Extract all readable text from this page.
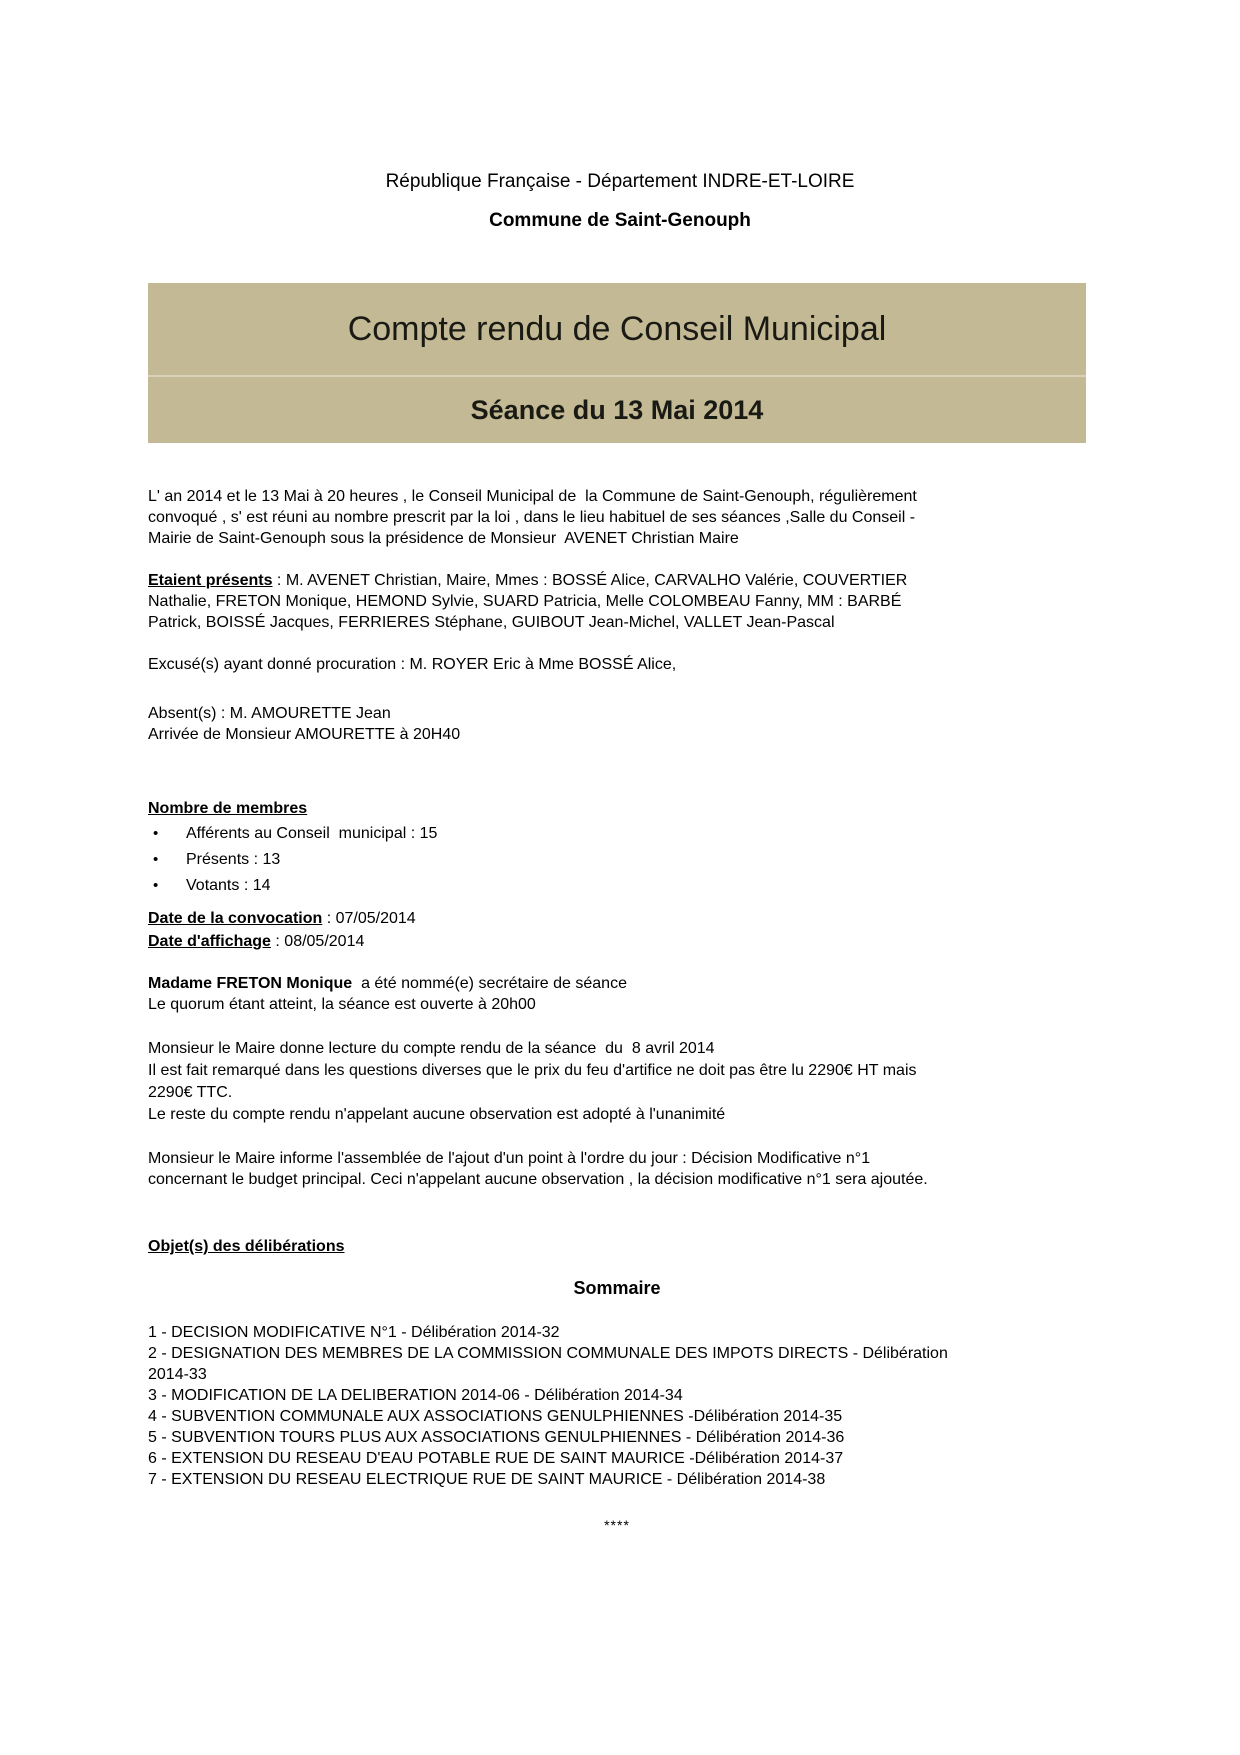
République Française - Département INDRE-ET-LOIRE
Commune de Saint-Genouph
Compte rendu de Conseil Municipal
Séance du 13 Mai 2014
L' an 2014 et le 13 Mai à 20 heures , le Conseil Municipal de  la Commune de Saint-Genouph, régulièrement
convoqué , s' est réuni au nombre prescrit par la loi , dans le lieu habituel de ses séances ,Salle du Conseil -
Mairie de Saint-Genouph sous la présidence de Monsieur  AVENET Christian Maire
Etaient présents : M. AVENET Christian, Maire, Mmes : BOSSÉ Alice, CARVALHO Valérie, COUVERTIER
Nathalie, FRETON Monique, HEMOND Sylvie, SUARD Patricia, Melle COLOMBEAU Fanny, MM : BARBÉ
Patrick, BOISSÉ Jacques, FERRIERES Stéphane, GUIBOUT Jean-Michel, VALLET Jean-Pascal
Excusé(s) ayant donné procuration : M. ROYER Eric à Mme BOSSÉ Alice,
Absent(s) : M. AMOURETTE Jean
Arrivée de Monsieur AMOURETTE à 20H40
Nombre de membres
•	Afférents au Conseil  municipal : 15
•	Présents : 13
•	Votants : 14
Date de la convocation : 07/05/2014
Date d'affichage : 08/05/2014
Madame FRETON Monique  a été nommé(e) secrétaire de séance
Le quorum étant atteint, la séance est ouverte à 20h00
Monsieur le Maire donne lecture du compte rendu de la séance  du  8 avril 2014
Il est fait remarqué dans les questions diverses que le prix du feu d'artifice ne doit pas être lu 2290€ HT mais
2290€ TTC.
Le reste du compte rendu n'appelant aucune observation est adopté à l'unanimité
Monsieur le Maire informe l'assemblée de l'ajout d'un point à l'ordre du jour : Décision Modificative n°1
concernant le budget principal. Ceci n'appelant aucune observation , la décision modificative n°1 sera ajoutée.
Objet(s) des délibérations
Sommaire
1 - DECISION MODIFICATIVE N°1 - Délibération 2014-32
2 - DESIGNATION DES MEMBRES DE LA COMMISSION COMMUNALE DES IMPOTS DIRECTS - Délibération
2014-33
3 - MODIFICATION DE LA DELIBERATION 2014-06 - Délibération 2014-34
4 - SUBVENTION COMMUNALE AUX ASSOCIATIONS GENULPHIENNES -Délibération 2014-35
5 - SUBVENTION TOURS PLUS AUX ASSOCIATIONS GENULPHIENNES - Délibération 2014-36
6 - EXTENSION DU RESEAU D'EAU POTABLE RUE DE SAINT MAURICE -Délibération 2014-37
7 - EXTENSION DU RESEAU ELECTRIQUE RUE DE SAINT MAURICE - Délibération 2014-38
****
